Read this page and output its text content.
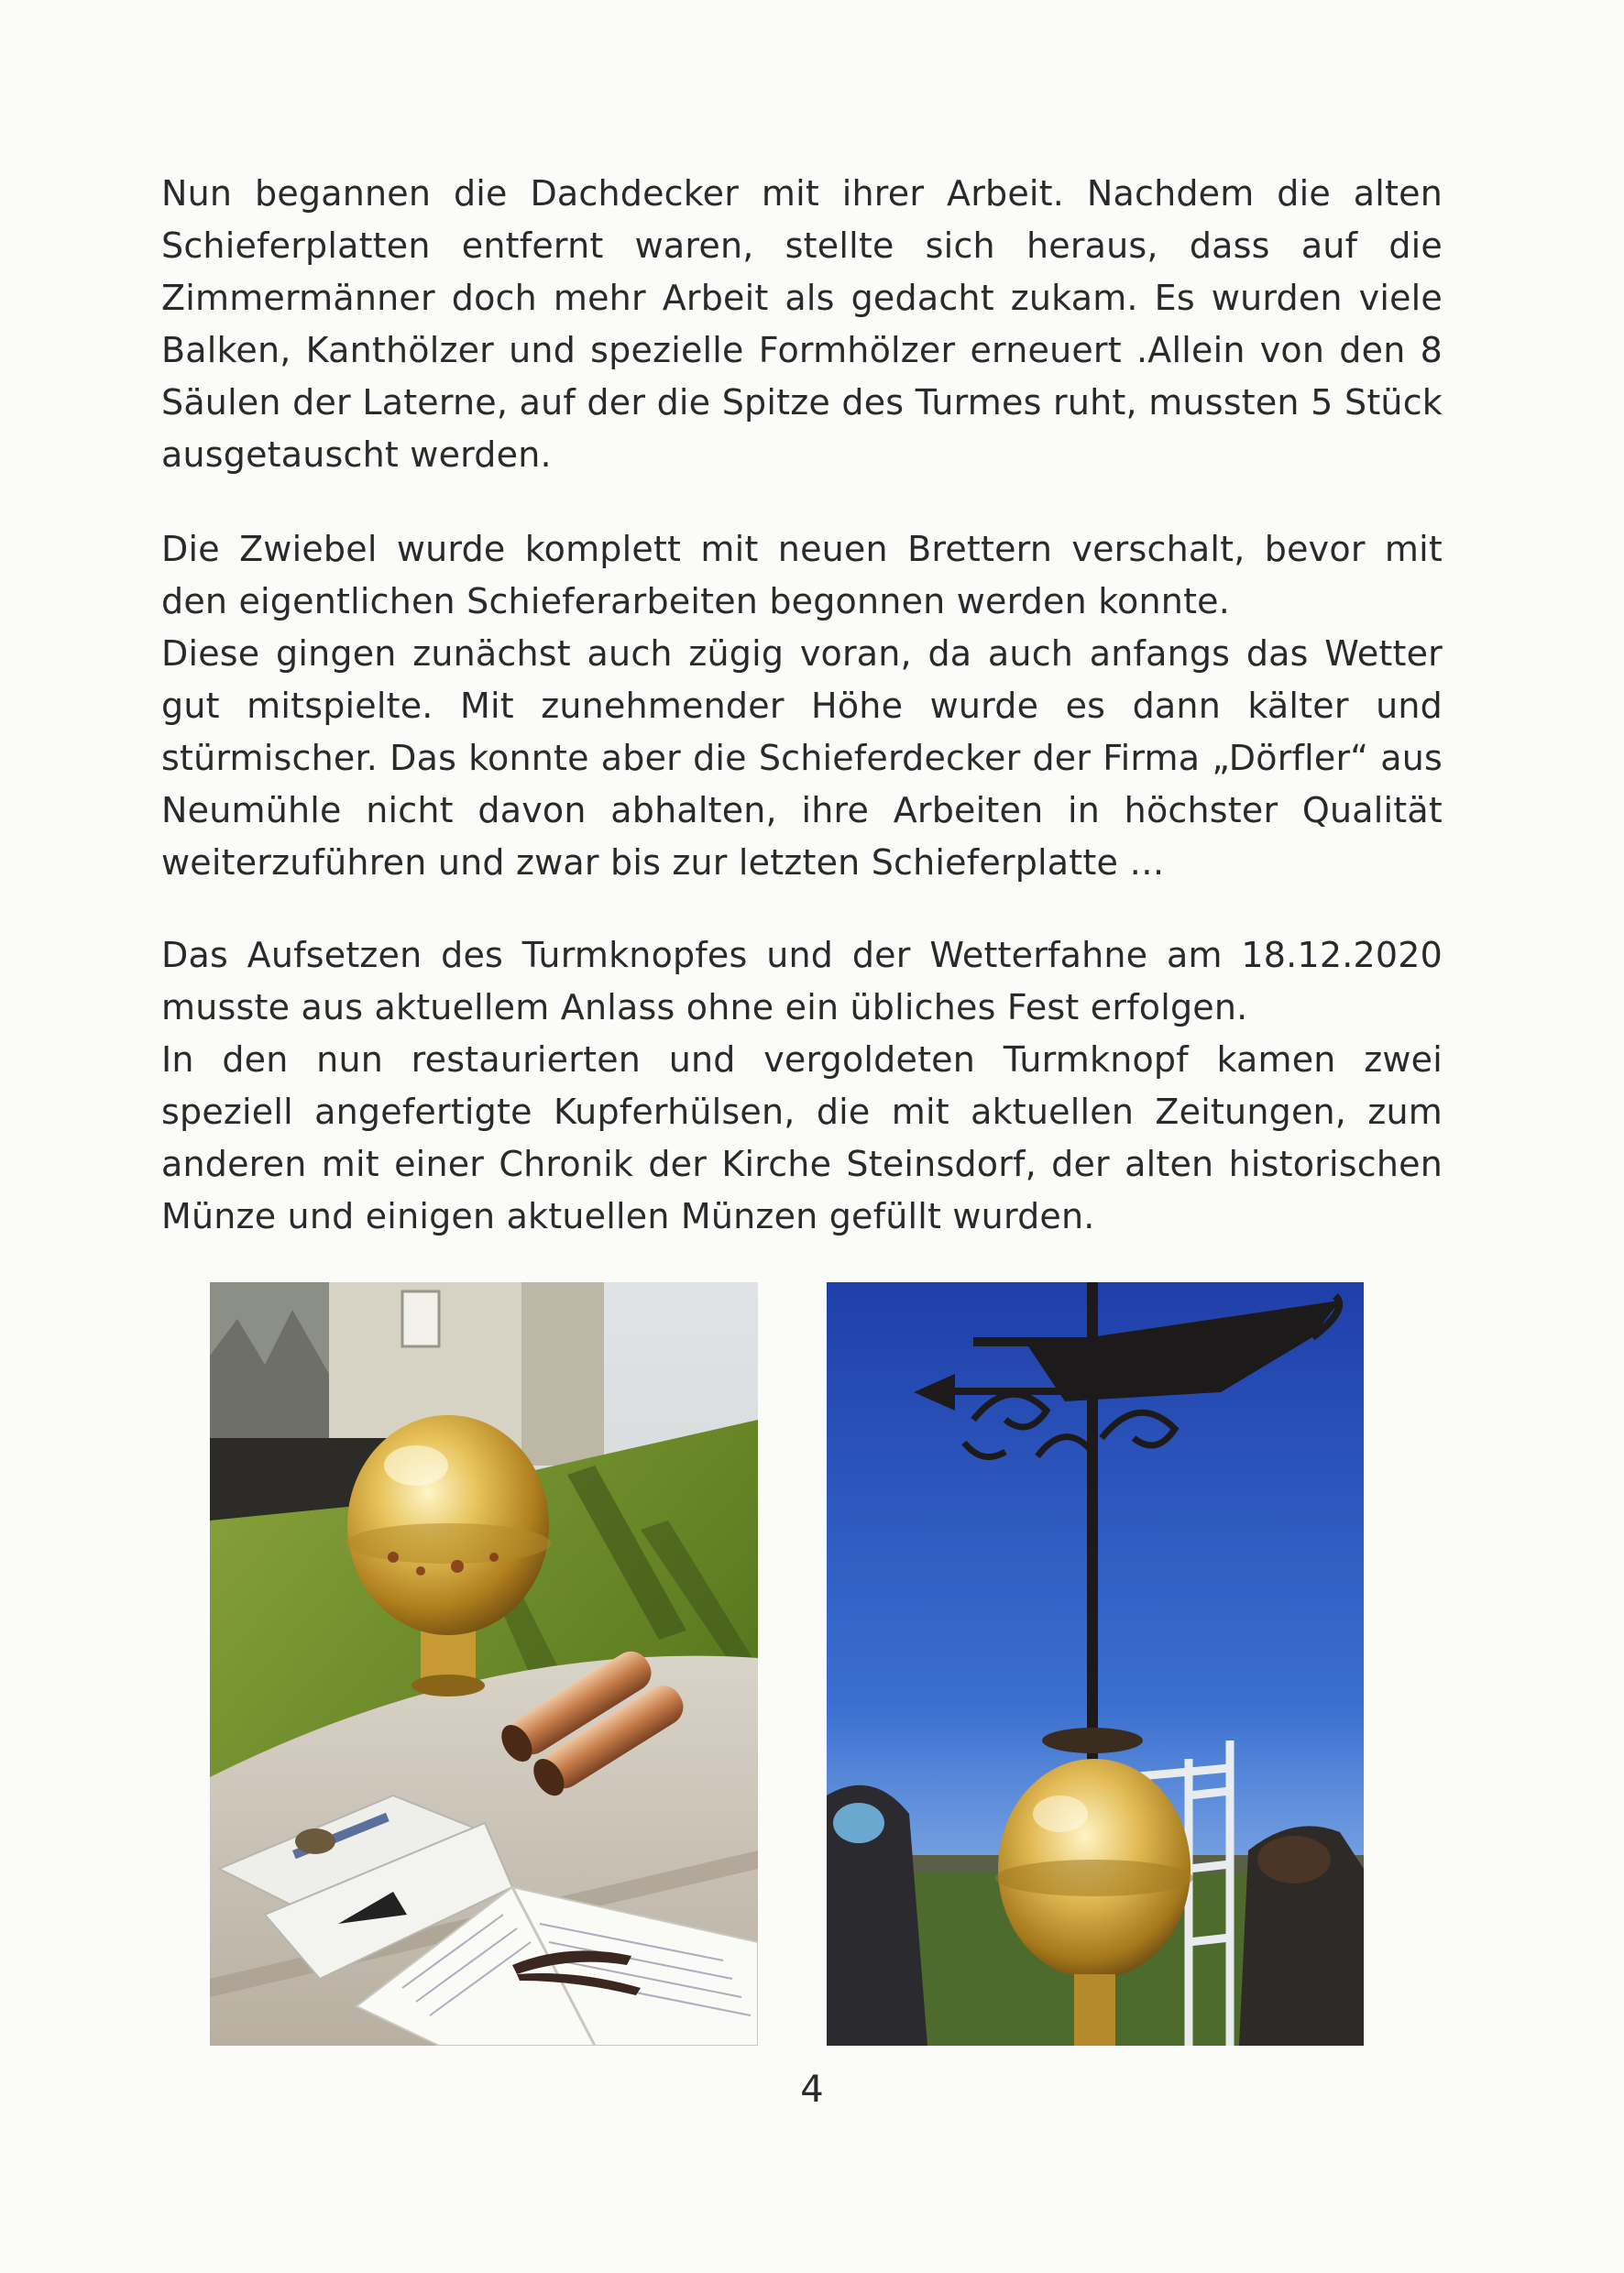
Nun begannen die Dachdecker mit ihrer Arbeit. Nachdem die alten Schieferplatten entfernt waren, stellte sich heraus, dass auf die Zimmermänner doch mehr Arbeit als gedacht zukam. Es wurden viele Balken, Kanthölzer und spezielle Formhölzer erneuert .Allein von den 8 Säulen der Laterne, auf der die Spitze des Turmes ruht, mussten 5 Stück ausgetauscht werden.

Die Zwiebel wurde komplett mit neuen Brettern verschalt, bevor mit den eigentlichen Schieferarbeiten begonnen werden konnte.

Diese gingen zunächst auch zügig voran, da auch anfangs das Wetter gut mitspielte. Mit zunehmender Höhe wurde es dann kälter und stürmischer. Das konnte aber die Schieferdecker der Firma „Dörfler“ aus Neumühle nicht davon abhalten, ihre Arbeiten in höchster Qualität weiterzuführen und zwar bis zur letzten Schieferplatte …

Das Aufsetzen des Turmknopfes und der Wetterfahne am 18.12.2020 musste aus aktuellem Anlass ohne ein übliches Fest erfolgen.

In den nun restaurierten und vergoldeten Turmknopf kamen zwei speziell angefertigte Kupferhülsen, die mit aktuellen Zeitungen, zum anderen mit einer Chronik der Kirche Steinsdorf, der alten historischen Münze und einigen aktuellen Münzen gefüllt wurden.

4
